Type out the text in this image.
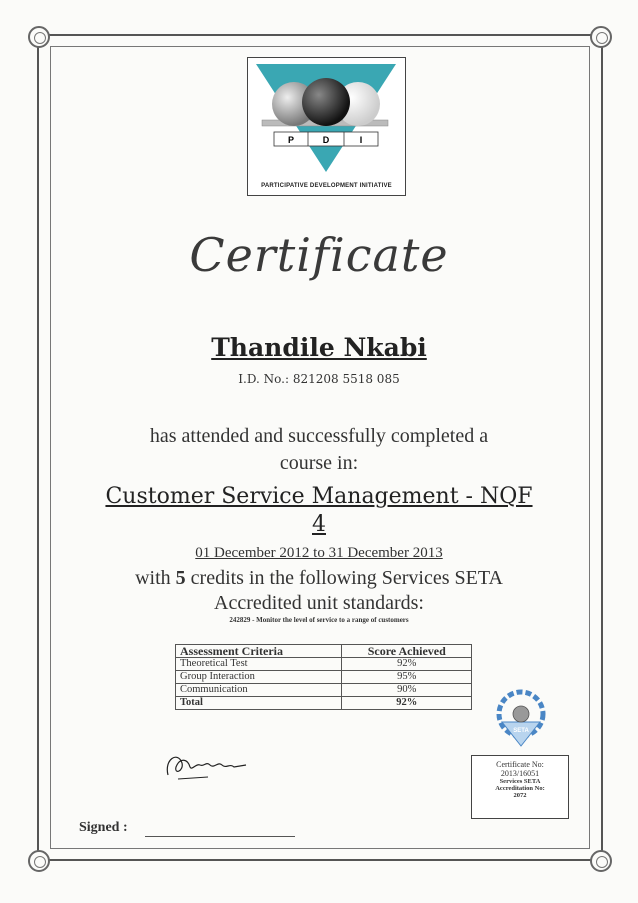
P	D	I
PARTICIPATIVE DEVELOPMENT INITIATIVE
Certificate
Thandile Nkabi
I.D. No.: 821208 5518 085
has attended and successfully completed a
course in:
Customer Service Management - NQF
4
01 December 2012 to 31 December 2013
with 5 credits in the following Services SETA
Accredited unit standards:
242829 - Monitor the level of service to a range of customers
Assessment Criteria	Score Achieved
Theoretical Test	92%
Group Interaction	95%
Communication	90%
Total	92%
SETA
Signed :
Certificate No:
2013/16051
Services SETA
Accreditation No:
2072
